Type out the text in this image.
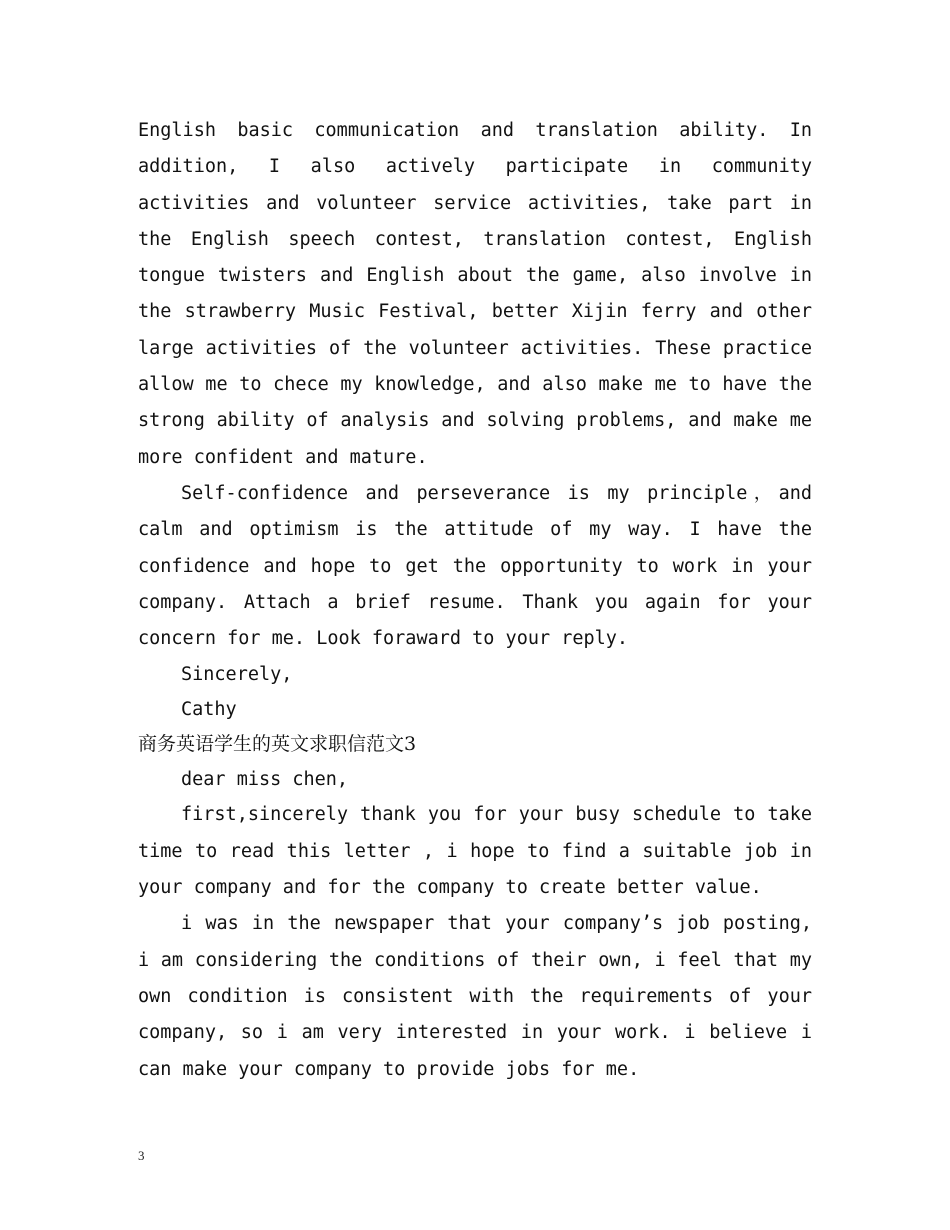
English basic communication and translation ability. In addition, I also actively participate in community activities and volunteer service activities, take part in the English speech contest, translation contest, English tongue twisters and English about the game, also involve in the strawberry Music Festival, better Xijin ferry and other large activities of the volunteer activities. These practice allow me to chece my knowledge, and also make me to have the strong ability of analysis and solving problems, and make me more confident and mature.

Self-confidence and perseverance is my principle，and calm and optimism is the attitude of my way. I have the confidence and hope to get the opportunity to work in your company. Attach a brief resume. Thank you again for your concern for me. Look foraward to your reply.

Sincerely,

Cathy

商务英语学生的英文求职信范文3

dear miss chen,

first,sincerely thank you for your busy schedule to take time to read this letter , i hope to find a suitable job in your company and for the company to create better value.

i was in the newspaper that your company’s job posting, i am considering the conditions of their own, i feel that my own condition is consistent with the requirements of your company, so i am very interested in your work. i believe i can make your company to provide jobs for me.

3
